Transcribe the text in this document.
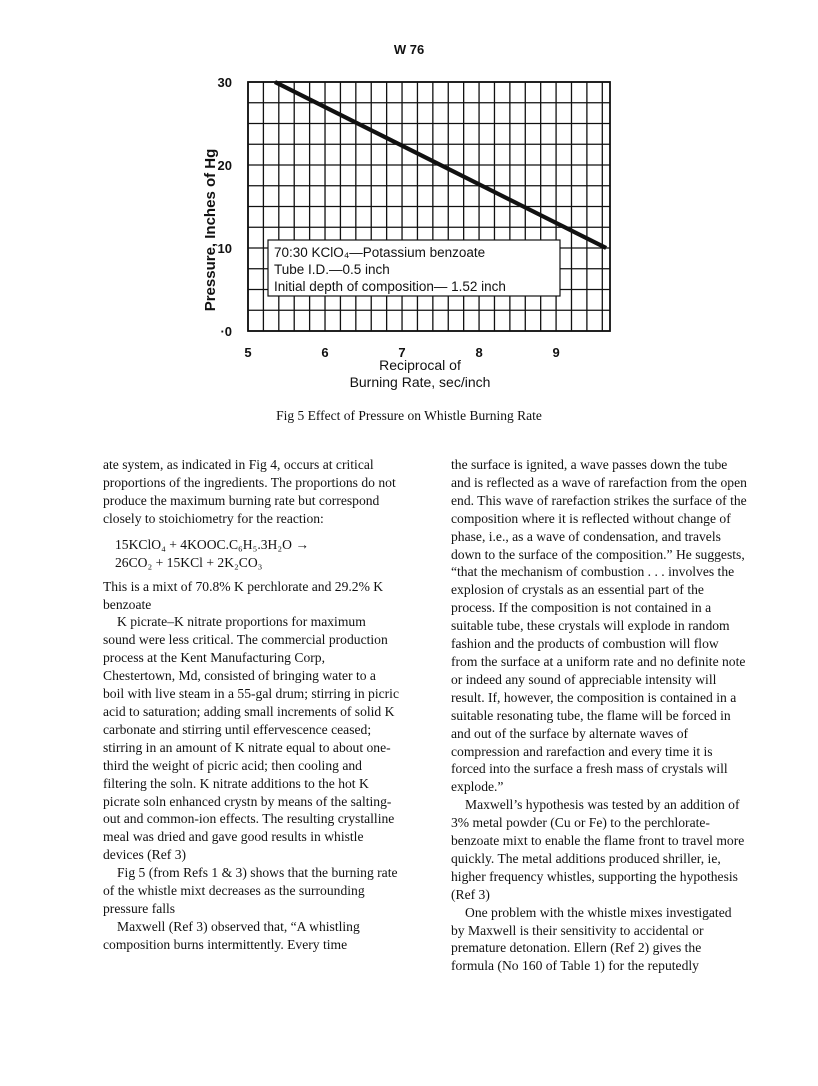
W 76
·0
10
20
30
5	6	7	8	9
70:30 KClO₄—Potassium benzoate
Tube I.D.—0.5 inch
Initial depth of composition— 1.52 inch
Reciprocal of
Burning Rate, sec/inch
Pressure, Inches of Hg
Fig 5 Effect of Pressure on Whistle Burning Rate

ate system, as indicated in Fig 4, occurs at critical proportions of the ingredients. The proportions do not produce the maximum burning rate but correspond closely to stoichiometry for the reaction:

15KClO₄ + 4KOOC.C₆H₅.3H₂O →
26CO₂ + 15KCl + 2K₂CO₃

This is a mixt of 70.8% K perchlorate and 29.2% K benzoate

K picrate–K nitrate proportions for maximum sound were less critical. The commercial production process at the Kent Manufacturing Corp, Chestertown, Md, consisted of bringing water to a boil with live steam in a 55-gal drum; stirring in picric acid to saturation; adding small increments of solid K carbonate and stirring until effervescence ceased; stirring in an amount of K nitrate equal to about one-third the weight of picric acid; then cooling and filtering the soln. K nitrate additions to the hot K picrate soln enhanced crystn by means of the salting-out and common-ion effects. The resulting crystalline meal was dried and gave good results in whistle devices (Ref 3)

Fig 5 (from Refs 1 & 3) shows that the burning rate of the whistle mixt decreases as the surrounding pressure falls

Maxwell (Ref 3) observed that, “A whistling composition burns intermittently. Every time

the surface is ignited, a wave passes down the tube and is reflected as a wave of rarefaction from the open end. This wave of rarefaction strikes the surface of the composition where it is reflected without change of phase, i.e., as a wave of condensation, and travels down to the surface of the composition.” He suggests, “that the mechanism of combustion . . . involves the explosion of crystals as an essential part of the process. If the composition is not contained in a suitable tube, these crystals will explode in random fashion and the products of combustion will flow from the surface at a uniform rate and no definite note or indeed any sound of appreciable intensity will result. If, however, the composition is contained in a suitable resonating tube, the flame will be forced in and out of the surface by alternate waves of compression and rarefaction and every time it is forced into the surface a fresh mass of crystals will explode.”

Maxwell’s hypothesis was tested by an addition of 3% metal powder (Cu or Fe) to the perchlorate-benzoate mixt to enable the flame front to travel more quickly. The metal additions produced shriller, ie, higher frequency whistles, supporting the hypothesis (Ref 3)

One problem with the whistle mixes investigated by Maxwell is their sensitivity to accidental or premature detonation. Ellern (Ref 2) gives the formula (No 160 of Table 1) for the reputedly
